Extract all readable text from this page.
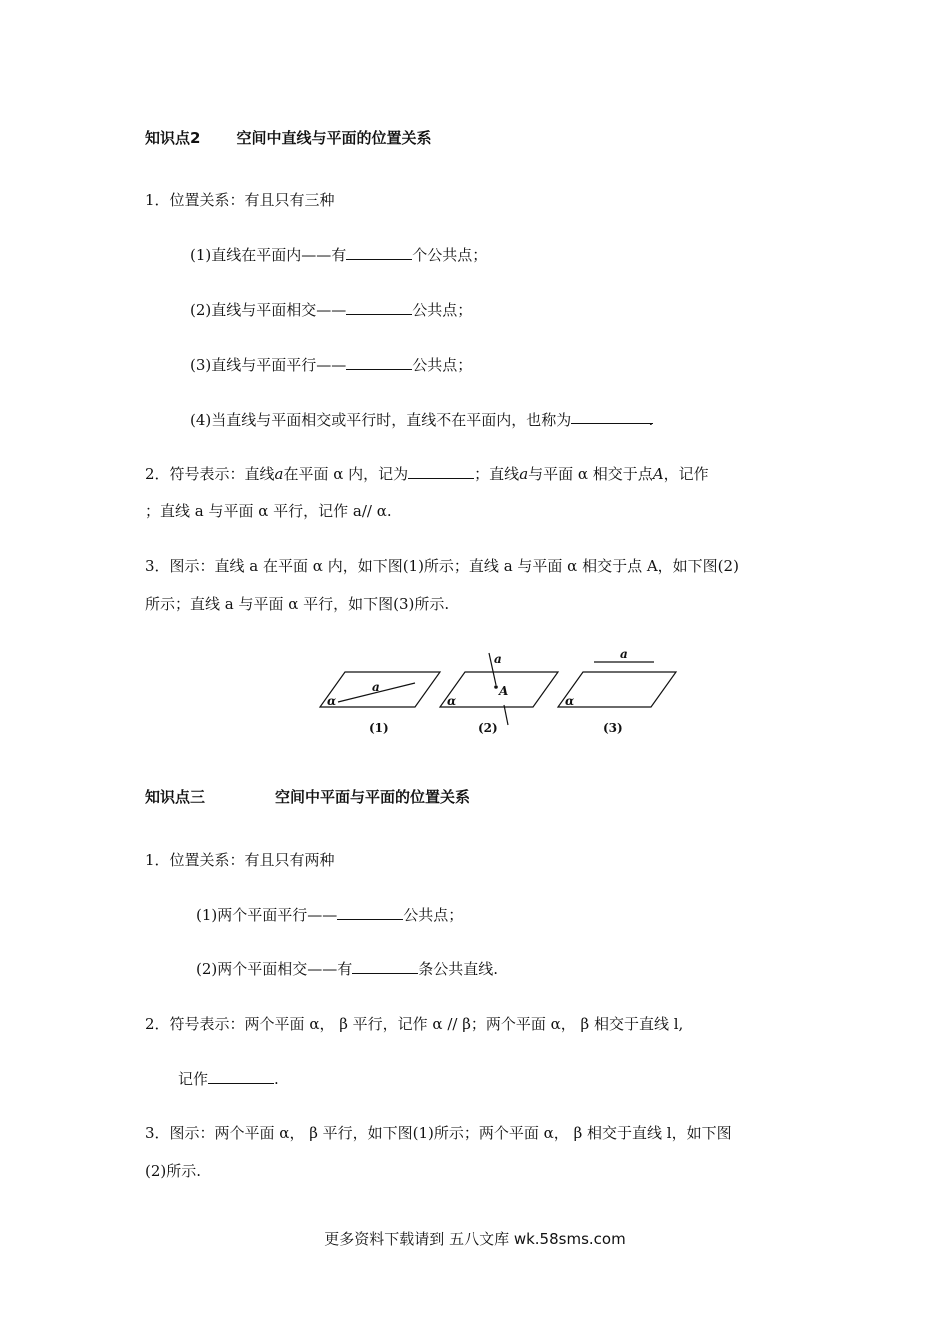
知识点2 空间中直线与平面的位置关系
1．位置关系：有且只有三种
(1)直线在平面内——有	个公共点；
(2)直线与平面相交——	公共点；
(3)直线与平面平行——	公共点；
(4)当直线与平面相交或平行时，直线不在平面内，也称为	.
2．符号表示：直线a在平面 α 内，记为	；直线a与平面 α 相交于点A，记作
；直线 a 与平面 α 平行，记作 a// α.
3．图示：直线 a 在平面 α 内，如下图(1)所示；直线 a 与平面 α 相交于点 A，如下图(2)
所示；直线 a 与平面 α 平行，如下图(3)所示.
a
α
a
A
α
a
α
(1)	(2)	(3)
知识点三	空间中平面与平面的位置关系
1．位置关系：有且只有两种
(1)两个平面平行——	公共点；
(2)两个平面相交——有	条公共直线.
2．符号表示：两个平面 α， β 平行，记作 α // β；两个平面 α， β 相交于直线 l,
记作	.
3．图示：两个平面 α， β 平行，如下图(1)所示；两个平面 α， β 相交于直线 l，如下图
(2)所示.
更多资料下载请到 五八文库 wk.58sms.com
